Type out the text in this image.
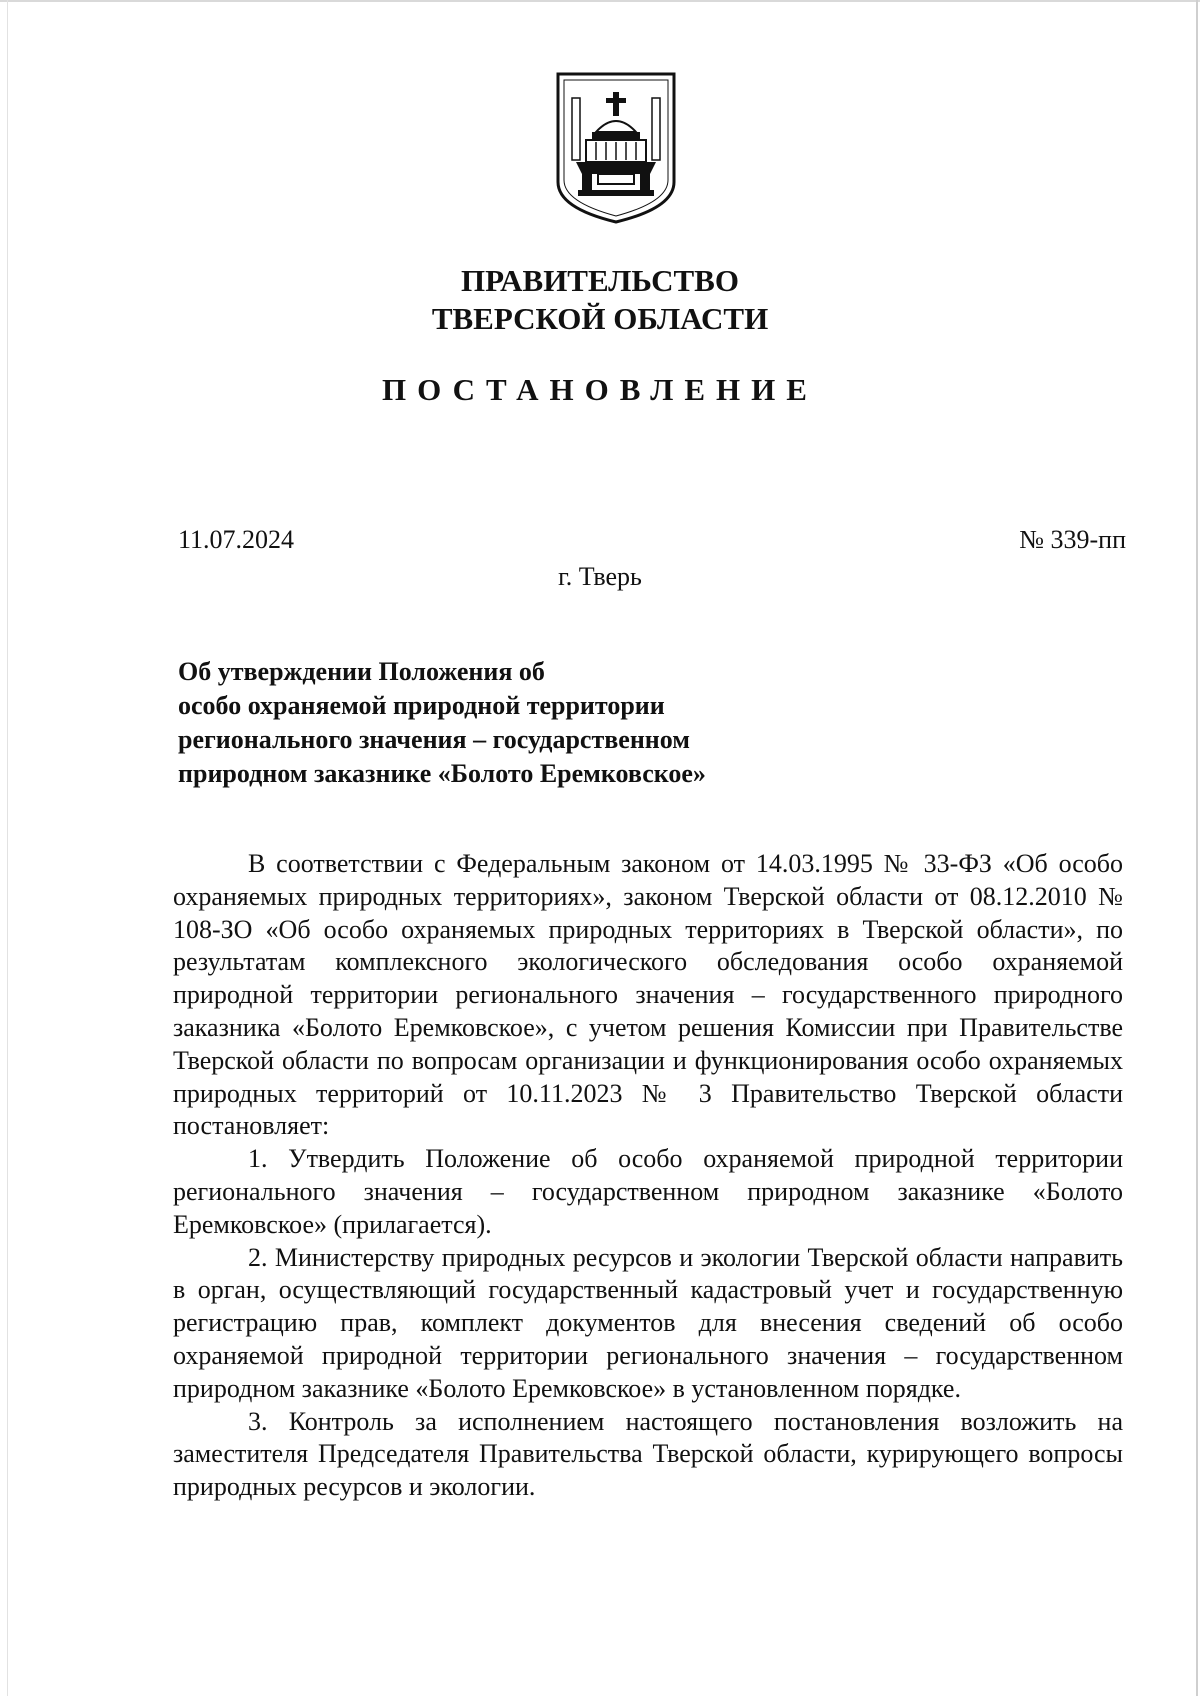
ПРАВИТЕЛЬСТВО
ТВЕРСКОЙ ОБЛАСТИ
ПОСТАНОВЛЕНИЕ
11.07.2024	№ 339-пп
г. Тверь
Об утверждении Положения об
особо охраняемой природной территории
регионального значения – государственном
природном заказнике «Болото Еремковское»

В соответствии с Федеральным законом от 14.03.1995 № 33-ФЗ «Об особо охраняемых природных территориях», законом Тверской области от 08.12.2010 № 108-ЗО «Об особо охраняемых природных территориях в Тверской области», по результатам комплексного экологического обследования особо охраняемой природной территории регионального значения – государственного природного заказника «Болото Еремковское», с учетом решения Комиссии при Правительстве Тверской области по вопросам организации и функционирования особо охраняемых природных территорий от 10.11.2023 № 3 Правительство Тверской области постановляет:

1. Утвердить Положение об особо охраняемой природной территории регионального значения – государственном природном заказнике «Болото Еремковское» (прилагается).

2. Министерству природных ресурсов и экологии Тверской области направить в орган, осуществляющий государственный кадастровый учет и государственную регистрацию прав, комплект документов для внесения сведений об особо охраняемой природной территории регионального значения – государственном природном заказнике «Болото Еремковское» в установленном порядке.

3. Контроль за исполнением настоящего постановления возложить на заместителя Председателя Правительства Тверской области, курирующего вопросы природных ресурсов и экологии.
